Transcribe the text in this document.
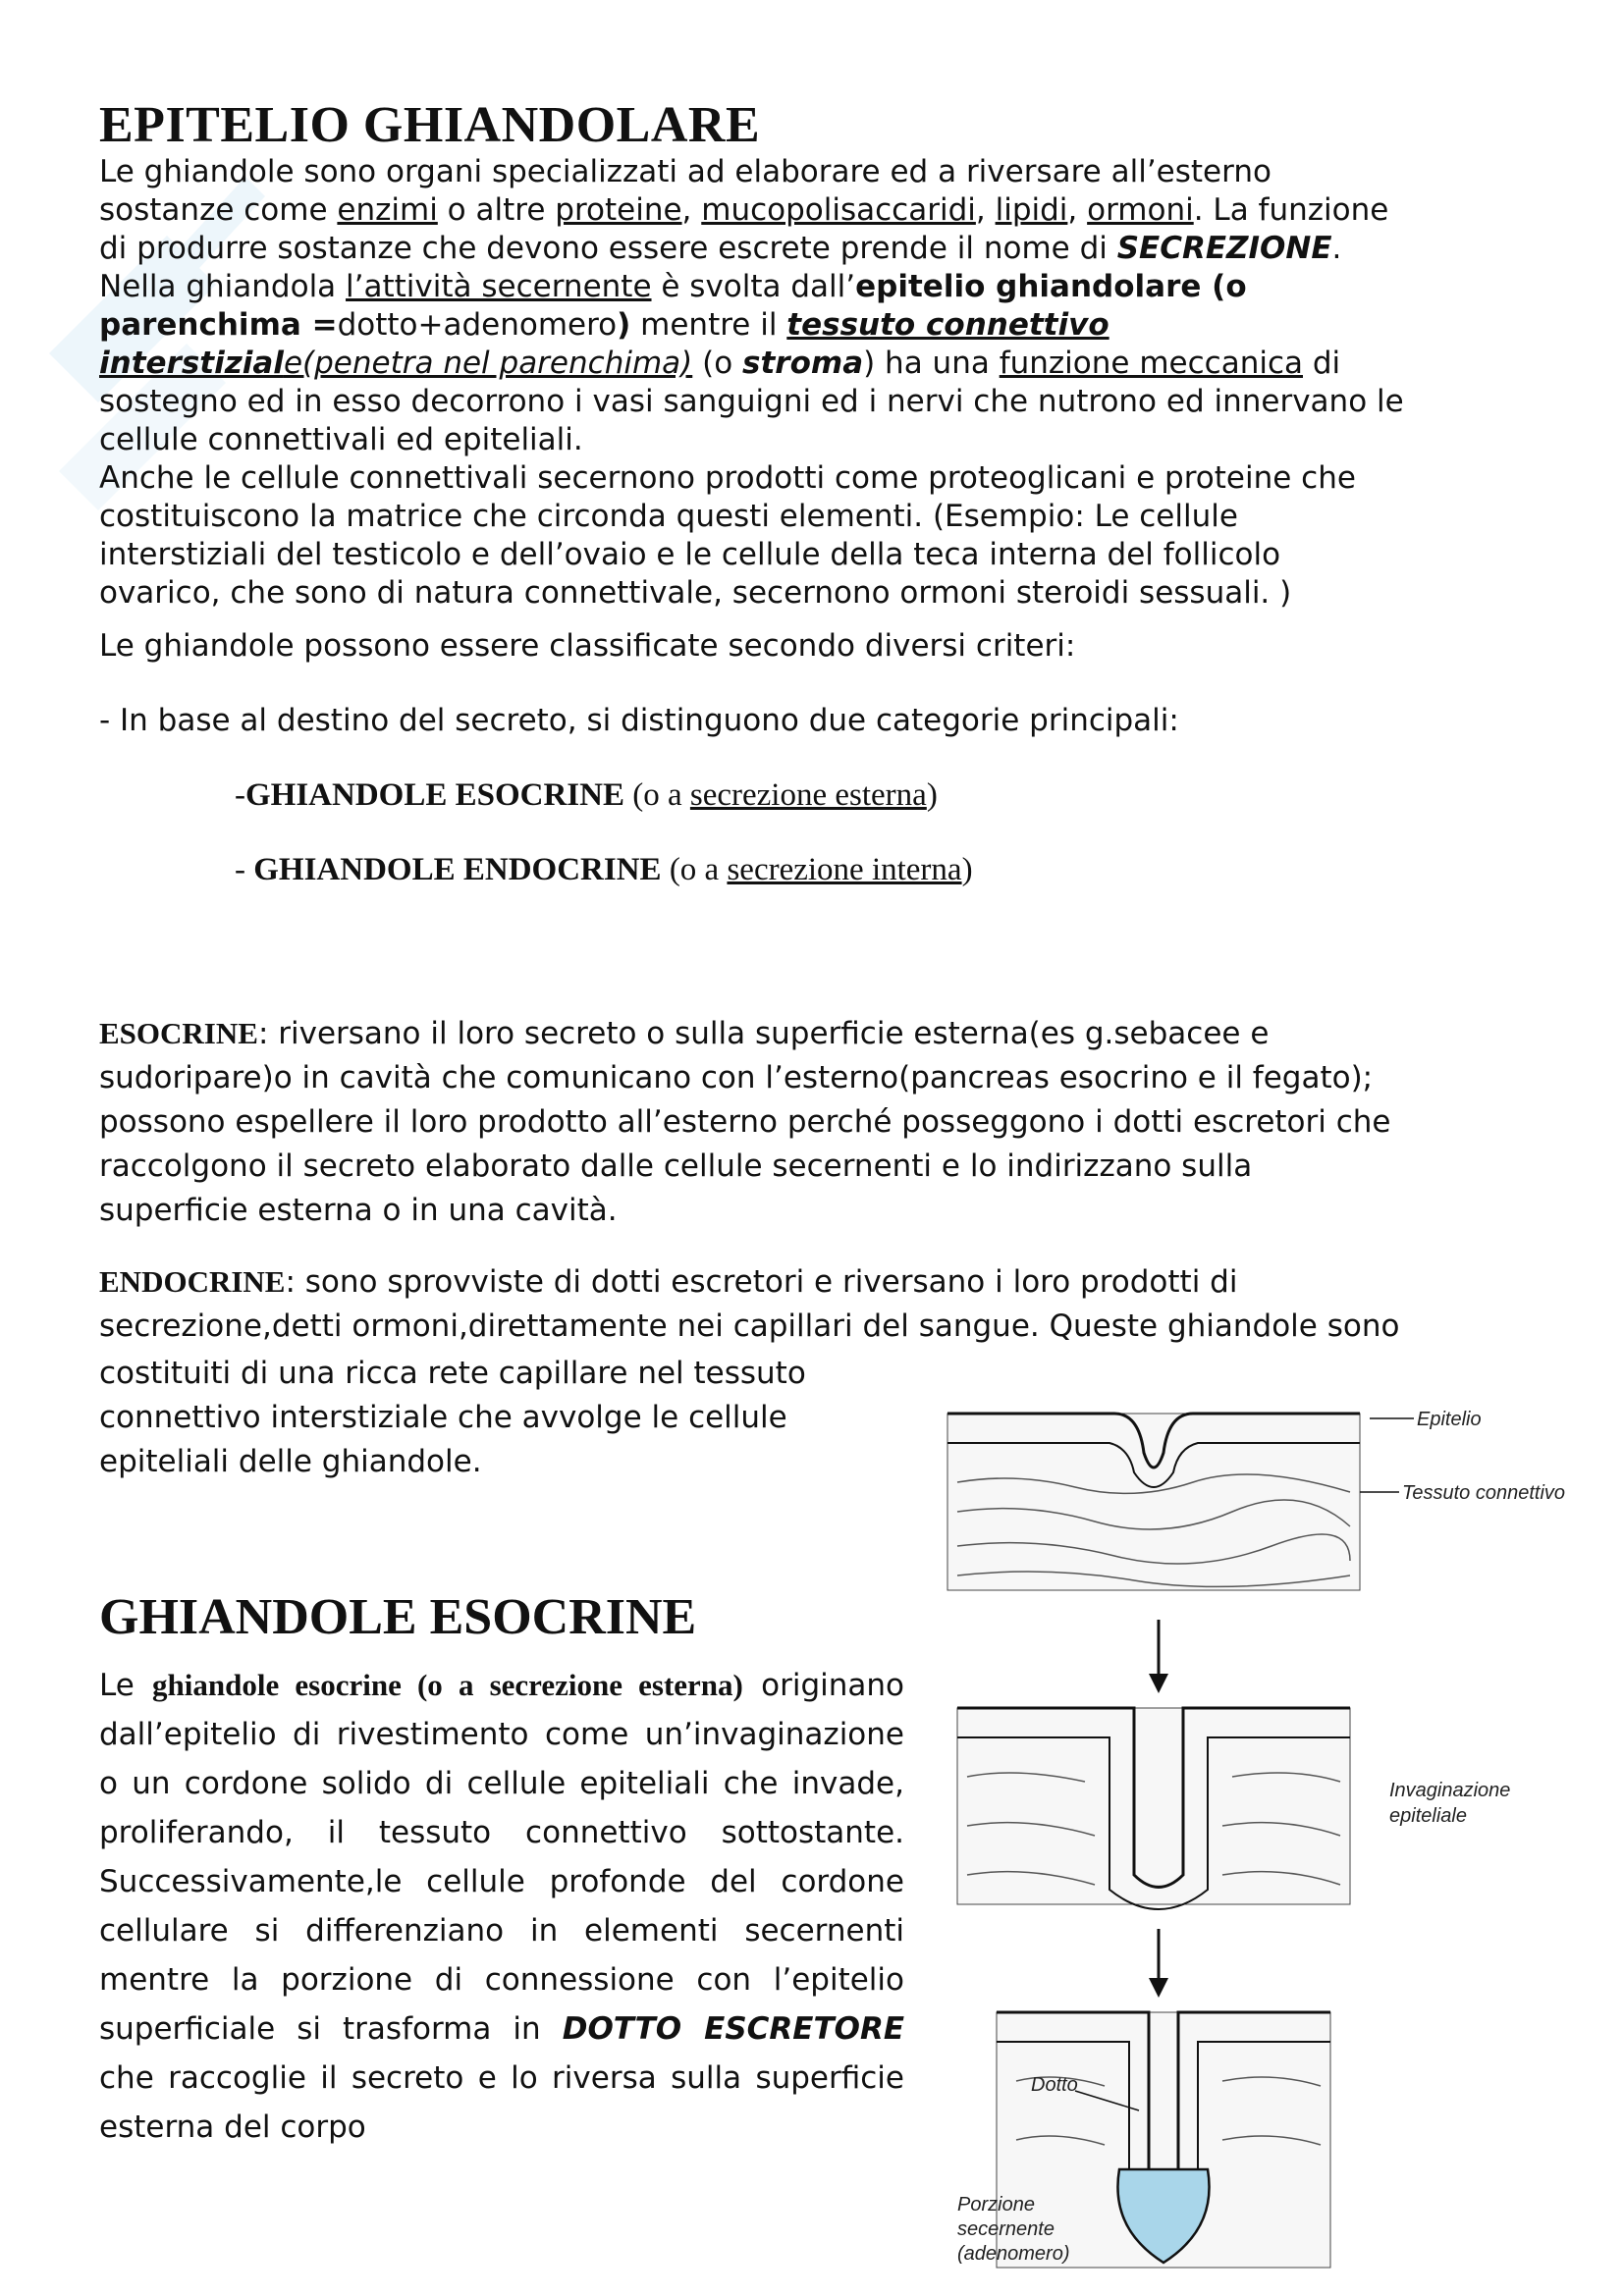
EPITELIO GHIANDOLARE

Le ghiandole sono organi specializzati ad elaborare ed a riversare all’esterno

sostanze come enzimi o altre proteine, mucopolisaccaridi, lipidi, ormoni. La funzione

di produrre sostanze che devono essere escrete prende il nome di SECREZIONE.

Nella ghiandola l’attività secernente è svolta dall’epitelio ghiandolare (o

parenchima =dotto+adenomero) mentre il tessuto connettivo

interstiziale(penetra nel parenchima) (o stroma) ha una funzione meccanica di

sostegno ed in esso decorrono i vasi sanguigni ed i nervi che nutrono ed innervano le

cellule connettivali ed epiteliali.

Anche le cellule connettivali secernono prodotti come proteoglicani e proteine che

costituiscono la matrice che circonda questi elementi. (Esempio: Le cellule

interstiziali del testicolo e dell’ovaio e le cellule della teca interna del follicolo

ovarico, che sono di natura connettivale, secernono ormoni steroidi sessuali. )

Le ghiandole possono essere classificate secondo diversi criteri:

- In base al destino del secreto, si distinguono due categorie principali:

-GHIANDOLE ESOCRINE (o a secrezione esterna)

- GHIANDOLE ENDOCRINE (o a secrezione interna)

ESOCRINE: riversano il loro secreto o sulla superficie esterna(es g.sebacee e

sudoripare)o in cavità che comunicano con l’esterno(pancreas esocrino e il fegato);

possono espellere il loro prodotto all’esterno perché posseggono i dotti escretori che

raccolgono il secreto elaborato dalle cellule secernenti e lo indirizzano sulla

superficie esterna o in una cavità.

ENDOCRINE: sono sprovviste di dotti escretori e riversano i loro prodotti di

secrezione,detti ormoni,direttamente nei capillari del sangue. Queste ghiandole sono

costituiti di una ricca rete capillare nel tessuto
connettivo interstiziale che avvolge le cellule
epiteliali delle ghiandole.
GHIANDOLE ESOCRINE

Le ghiandole esocrine (o a secrezione esterna) originano dall’epitelio di rivestimento come un’invaginazione o un cordone solido di cellule epiteliali che invade, proliferando, il tessuto connettivo sottostante. Successivamente,le cellule profonde del cordone cellulare si differenziano in elementi secernenti mentre la porzione di connessione con l’epitelio superficiale si trasforma in DOTTO ESCRETORE che raccoglie il secreto e lo riversa sulla superficie esterna del corpo

Epitelio
Tessuto connettivo
Invaginazione
epiteliale
Dotto
Porzione
secernente
(adenomero)
